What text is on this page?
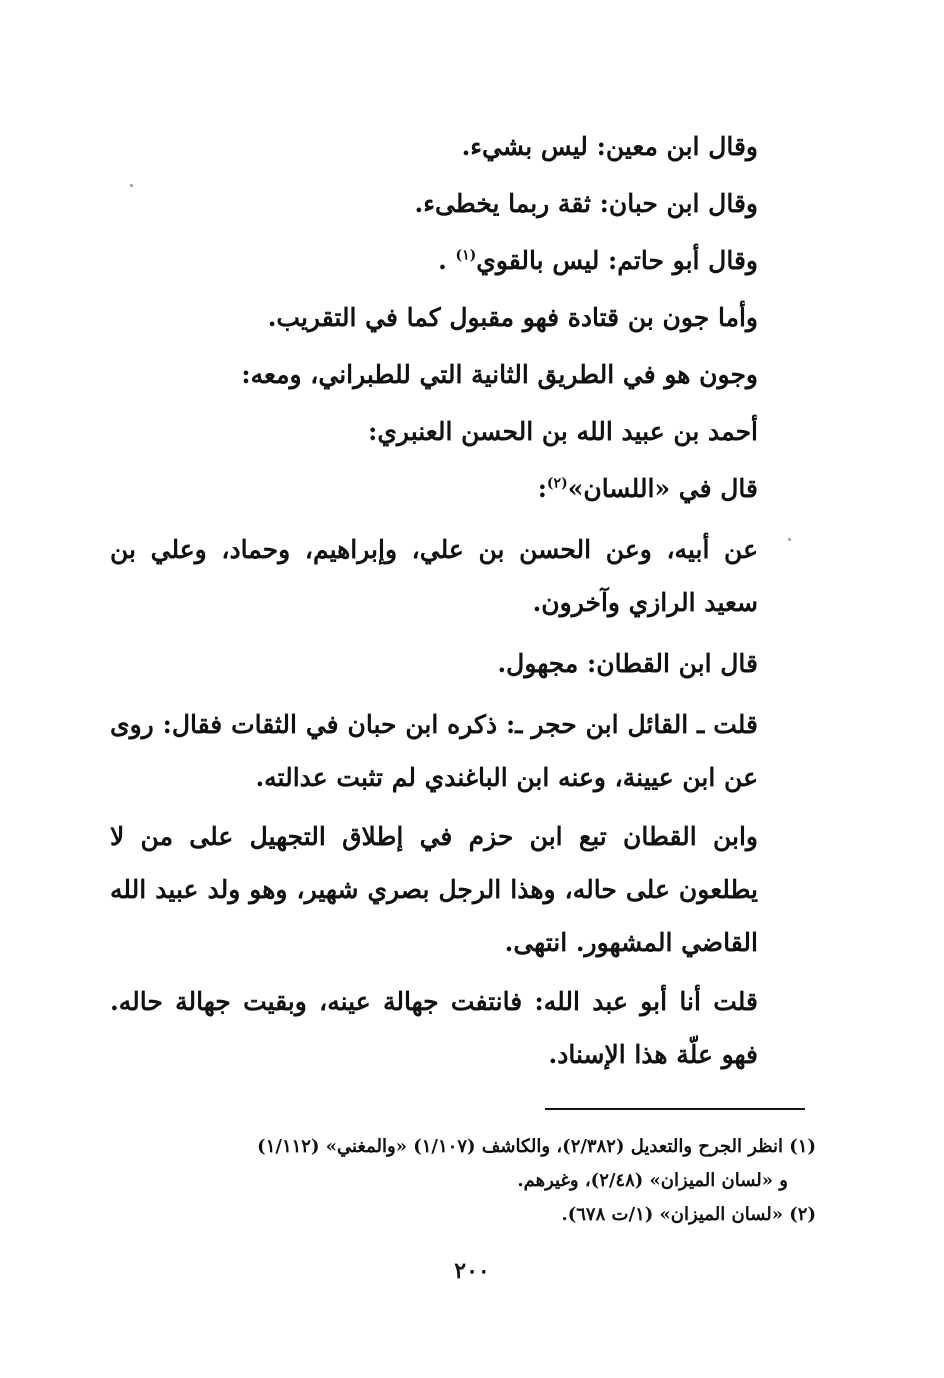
وقال ابن معين: ليس بشيء.

وقال ابن حبان: ثقة ربما يخطىء.

وقال أبو حاتم: ليس بالقوي$^{(١)}$ .

وأما جون بن قتادة فهو مقبول كما في التقريب.

وجون هو في الطريق الثانية التي للطبراني، ومعه:

أحمد بن عبيد الله بن الحسن العنبري:

قال في «اللسان»$^{(٢)}$:

عن أبيه، وعن الحسن بن علي، وإبراهيم، وحماد، وعلي بن سعيد الرازي وآخرون.

قال ابن القطان: مجهول.

قلت ـ القائل ابن حجر ـ: ذكره ابن حبان في الثقات فقال: روى عن ابن عيينة، وعنه ابن الباغندي لم تثبت عدالته.

وابن القطان تبع ابن حزم في إطلاق التجهيل على من لا يطلعون على حاله، وهذا الرجل بصري شهير، وهو ولد عبيد الله القاضي المشهور. انتهى.

قلت أنا أبو عبد الله: فانتفت جهالة عينه، وبقيت جهالة حاله. فهو علّة هذا الإسناد.

(١) انظر الجرح والتعديل (٢/٣٨٢)، والكاشف (١/١٠٧) «والمغني» (١/١١٢)

و «لسان الميزان» (٢/٤٨)، وغيرهم.

(٢) «لسان الميزان» (١/ت ٦٧٨).

٢٠٠
